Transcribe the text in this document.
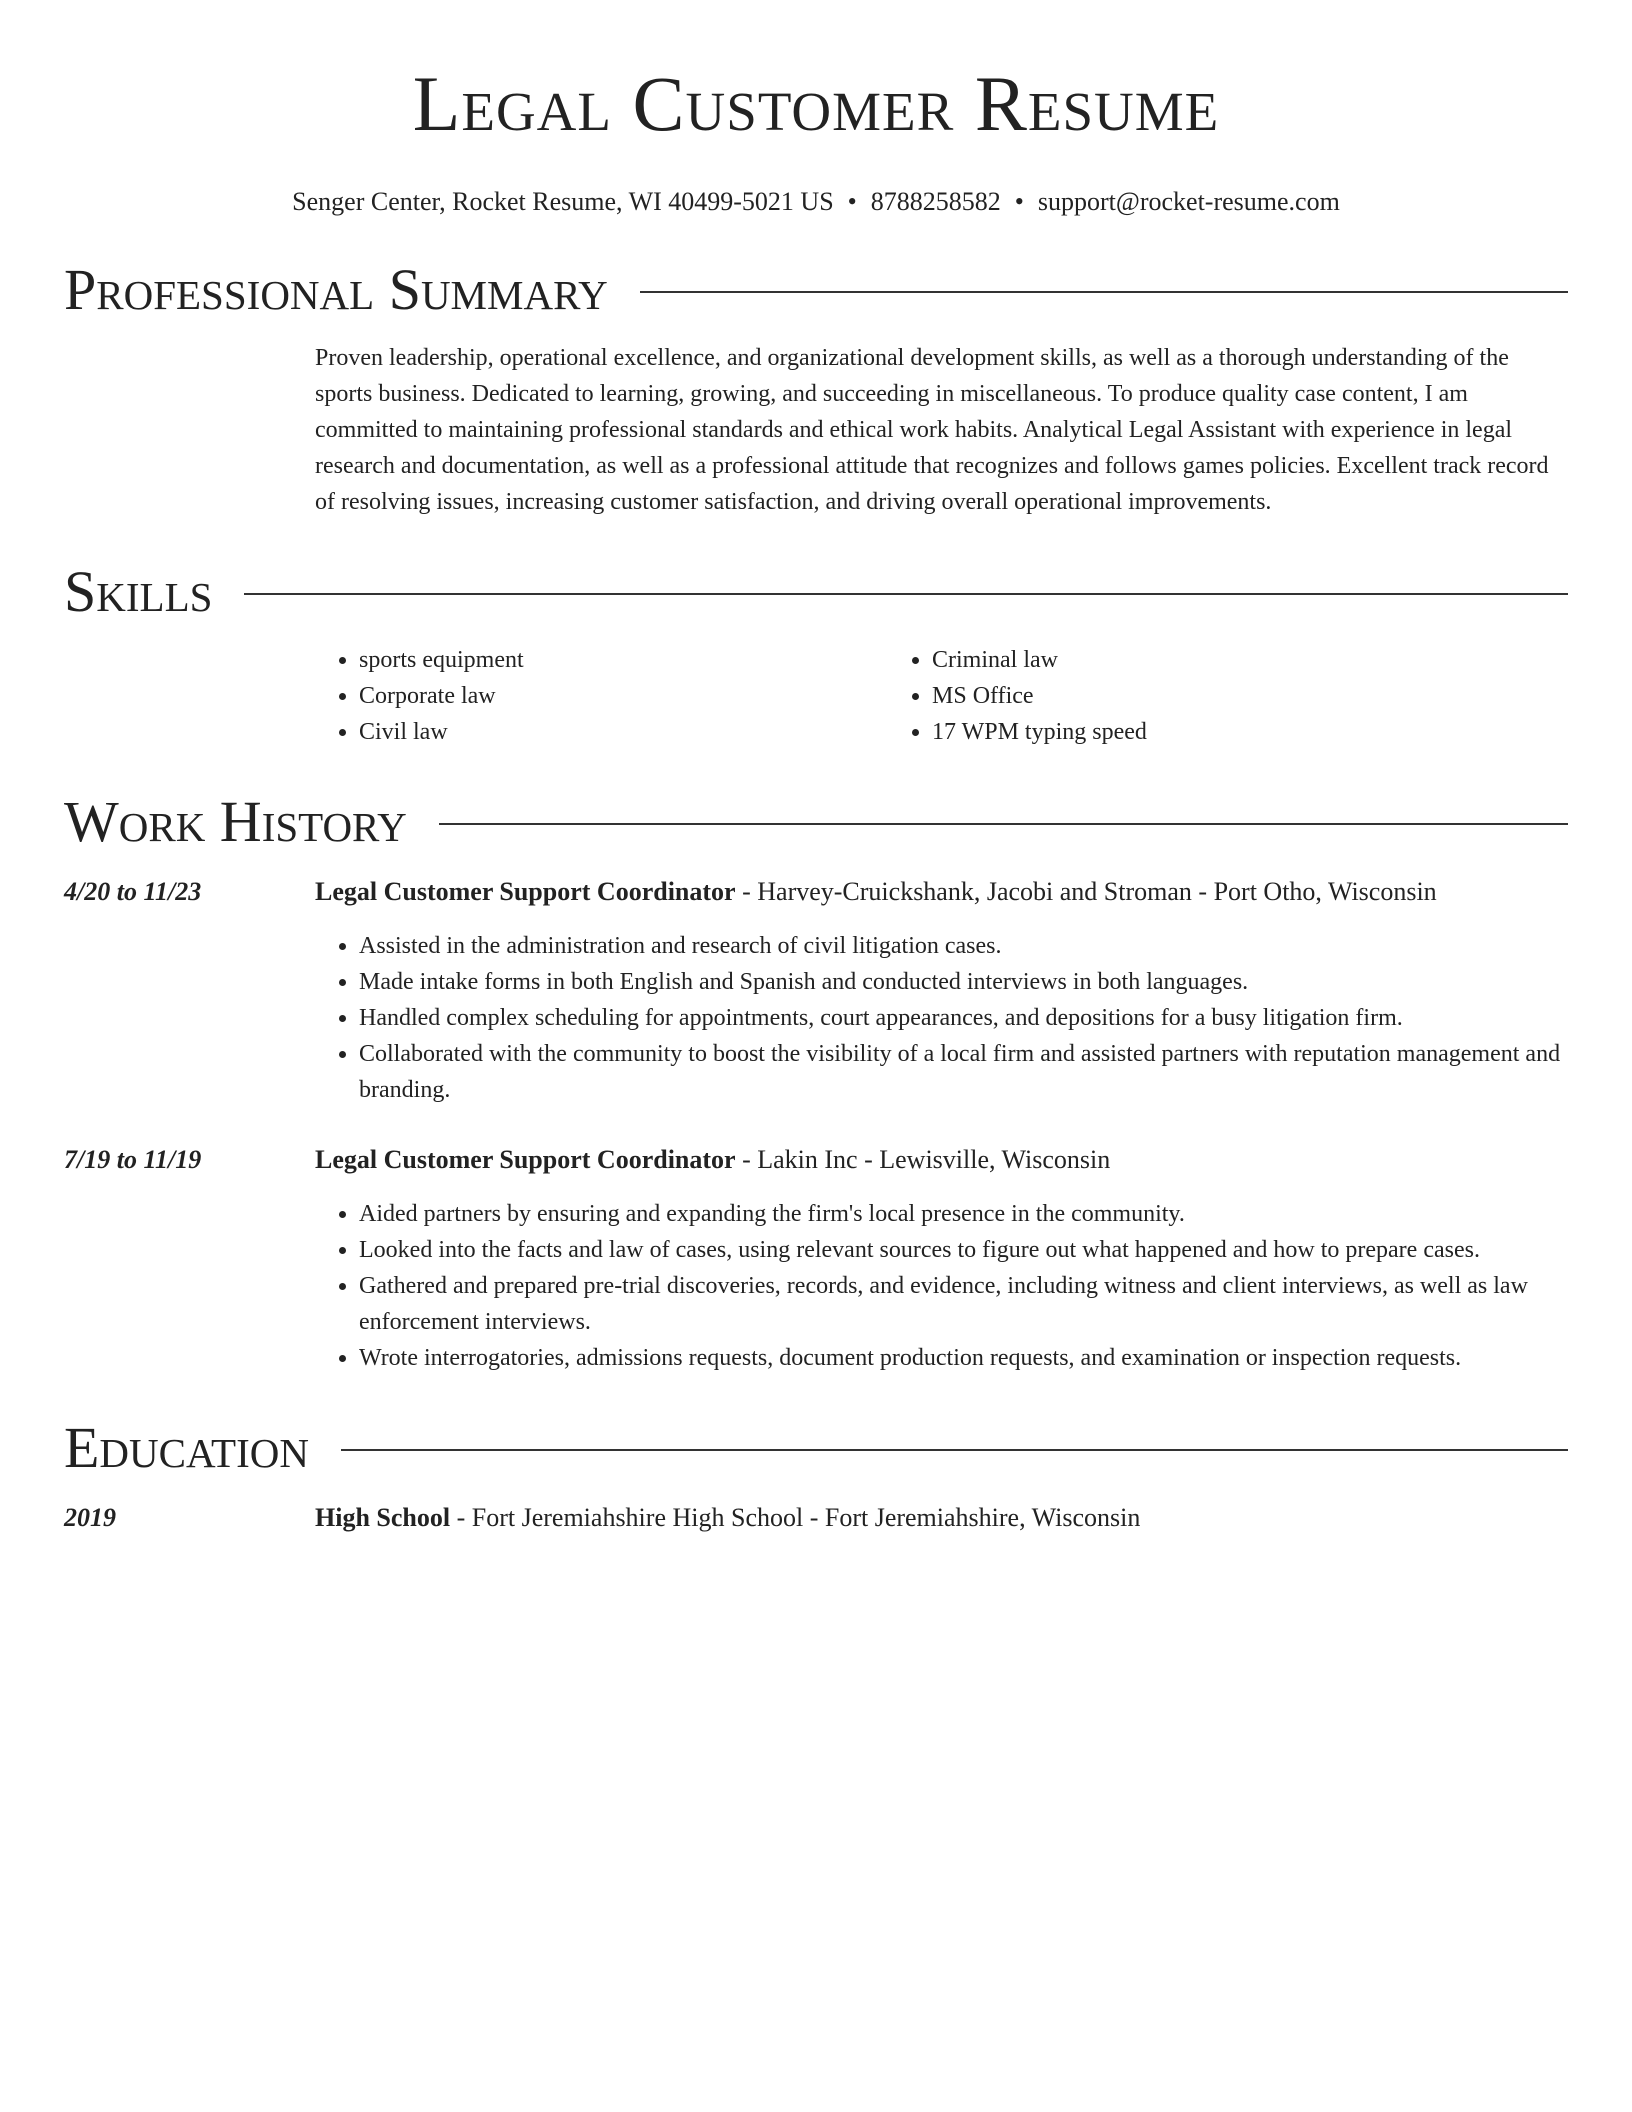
Legal Customer Resume
Senger Center, Rocket Resume, WI 40499-5021 US • 8788258582 • support@rocket-resume.com
Professional Summary

Proven leadership, operational excellence, and organizational development skills, as well as a thorough understanding of the sports business. Dedicated to learning, growing, and succeeding in miscellaneous. To produce quality case content, I am committed to maintaining professional standards and ethical work habits. Analytical Legal Assistant with experience in legal research and documentation, as well as a professional attitude that recognizes and follows games policies. Excellent track record of resolving issues, increasing customer satisfaction, and driving overall operational improvements.

Skills
• sports equipment
• Corporate law
• Civil law
• Criminal law
• MS Office
• 17 WPM typing speed
Work History
4/20 to 11/23	Legal Customer Support Coordinator - Harvey-Cruickshank, Jacobi and Stroman - Port Otho, Wisconsin
• Assisted in the administration and research of civil litigation cases.
• Made intake forms in both English and Spanish and conducted interviews in both languages.
• Handled complex scheduling for appointments, court appearances, and depositions for a busy litigation firm.
• Collaborated with the community to boost the visibility of a local firm and assisted partners with reputation management and branding.
7/19 to 11/19	Legal Customer Support Coordinator - Lakin Inc - Lewisville, Wisconsin
• Aided partners by ensuring and expanding the firm's local presence in the community.
• Looked into the facts and law of cases, using relevant sources to figure out what happened and how to prepare cases.
• Gathered and prepared pre-trial discoveries, records, and evidence, including witness and client interviews, as well as law enforcement interviews.
• Wrote interrogatories, admissions requests, document production requests, and examination or inspection requests.
Education
2019	High School - Fort Jeremiahshire High School - Fort Jeremiahshire, Wisconsin
